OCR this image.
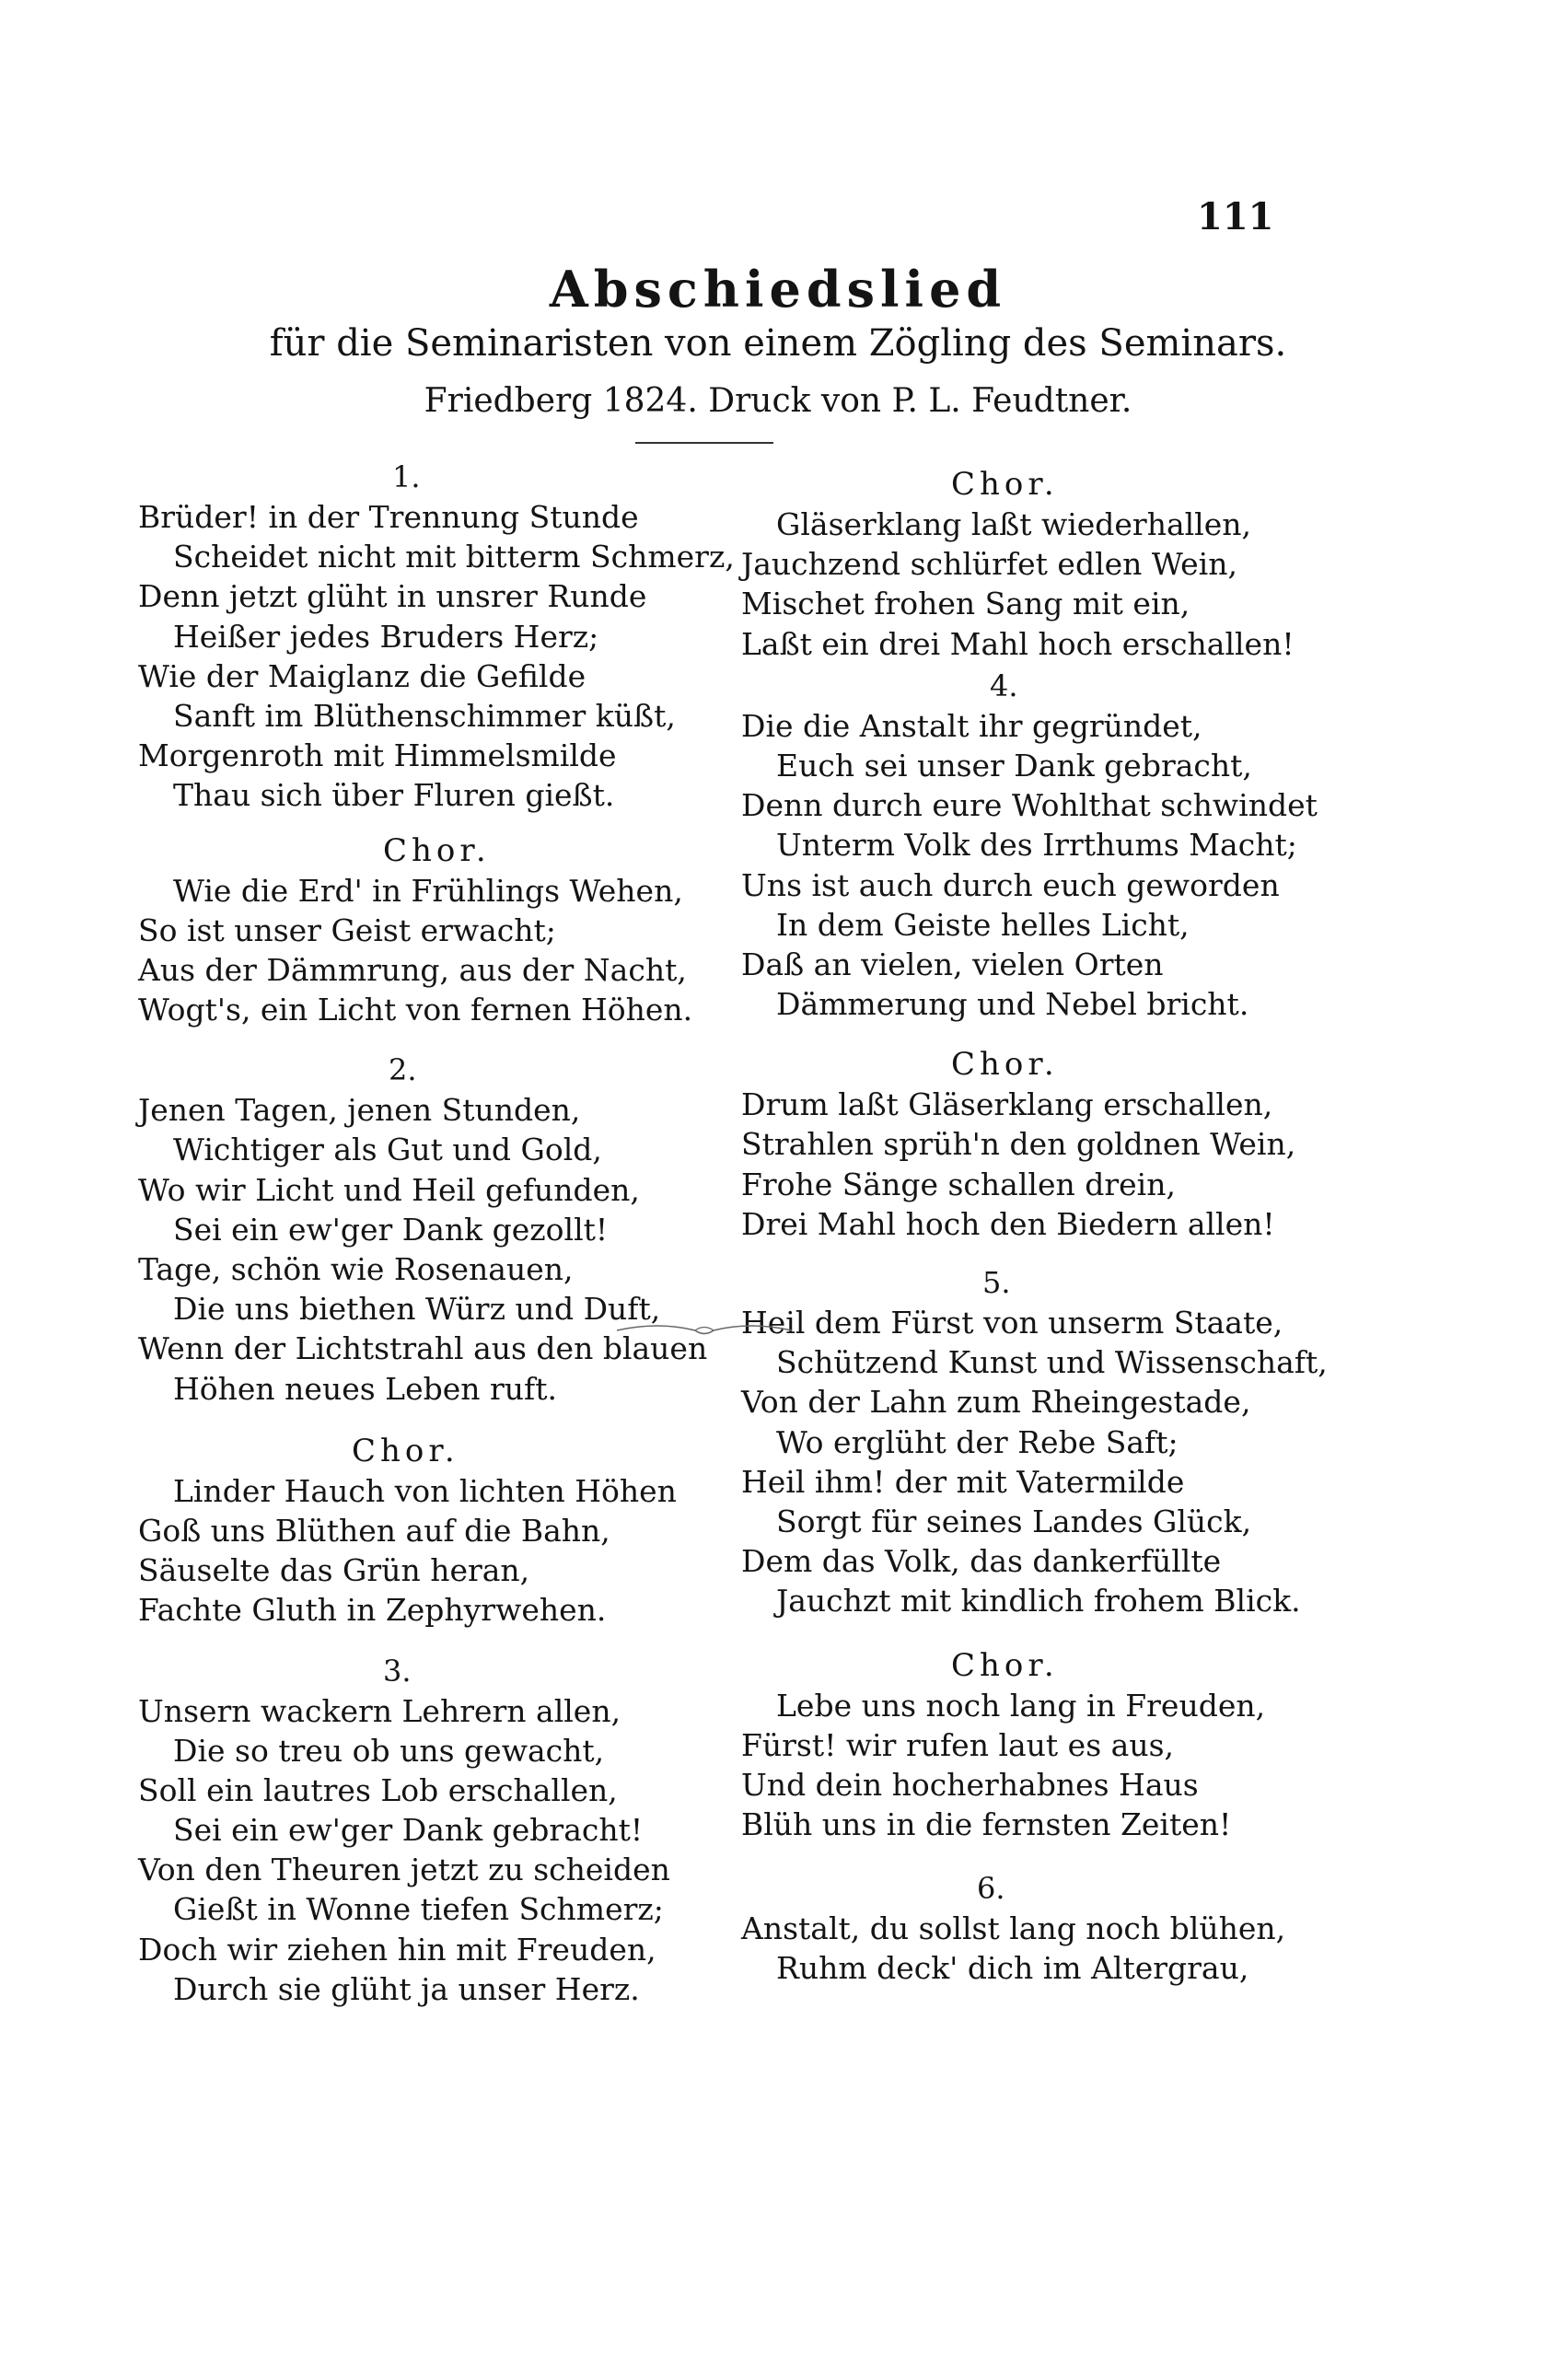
111
Abschiedslied
für die Seminaristen von einem Zögling des Seminars.
Friedberg 1824. Druck von P. L. Feudtner.
1.
Brüder! in der Trennung Stunde
Scheidet nicht mit bitterm Schmerz,
Denn jetzt glüht in unsrer Runde
Heißer jedes Bruders Herz;
Wie der Maiglanz die Gefilde
Sanft im Blüthenschimmer küßt,
Morgenroth mit Himmelsmilde
Thau sich über Fluren gießt.
Chor.
Wie die Erd' in Frühlings Wehen,
So ist unser Geist erwacht;
Aus der Dämmrung, aus der Nacht,
Wogt's, ein Licht von fernen Höhen.
2.
Jenen Tagen, jenen Stunden,
Wichtiger als Gut und Gold,
Wo wir Licht und Heil gefunden,
Sei ein ew'ger Dank gezollt!
Tage, schön wie Rosenauen,
Die uns biethen Würz und Duft,
Wenn der Lichtstrahl aus den blauen
Höhen neues Leben ruft.
Chor.
Linder Hauch von lichten Höhen
Goß uns Blüthen auf die Bahn,
Säuselte das Grün heran,
Fachte Gluth in Zephyrwehen.
3.
Unsern wackern Lehrern allen,
Die so treu ob uns gewacht,
Soll ein lautres Lob erschallen,
Sei ein ew'ger Dank gebracht!
Von den Theuren jetzt zu scheiden
Gießt in Wonne tiefen Schmerz;
Doch wir ziehen hin mit Freuden,
Durch sie glüht ja unser Herz.
Chor.
Gläserklang laßt wiederhallen,
Jauchzend schlürfet edlen Wein,
Mischet frohen Sang mit ein,
Laßt ein drei Mahl hoch erschallen!
4.
Die die Anstalt ihr gegründet,
Euch sei unser Dank gebracht,
Denn durch eure Wohlthat schwindet
Unterm Volk des Irrthums Macht;
Uns ist auch durch euch geworden
In dem Geiste helles Licht,
Daß an vielen, vielen Orten
Dämmerung und Nebel bricht.
Chor.
Drum laßt Gläserklang erschallen,
Strahlen sprüh'n den goldnen Wein,
Frohe Sänge schallen drein,
Drei Mahl hoch den Biedern allen!
5.
Heil dem Fürst von unserm Staate,
Schützend Kunst und Wissenschaft,
Von der Lahn zum Rheingestade,
Wo erglüht der Rebe Saft;
Heil ihm! der mit Vatermilde
Sorgt für seines Landes Glück,
Dem das Volk, das dankerfüllte
Jauchzt mit kindlich frohem Blick.
Chor.
Lebe uns noch lang in Freuden,
Fürst! wir rufen laut es aus,
Und dein hocherhabnes Haus
Blüh uns in die fernsten Zeiten!
6.
Anstalt, du sollst lang noch blühen,
Ruhm deck' dich im Altergrau,
